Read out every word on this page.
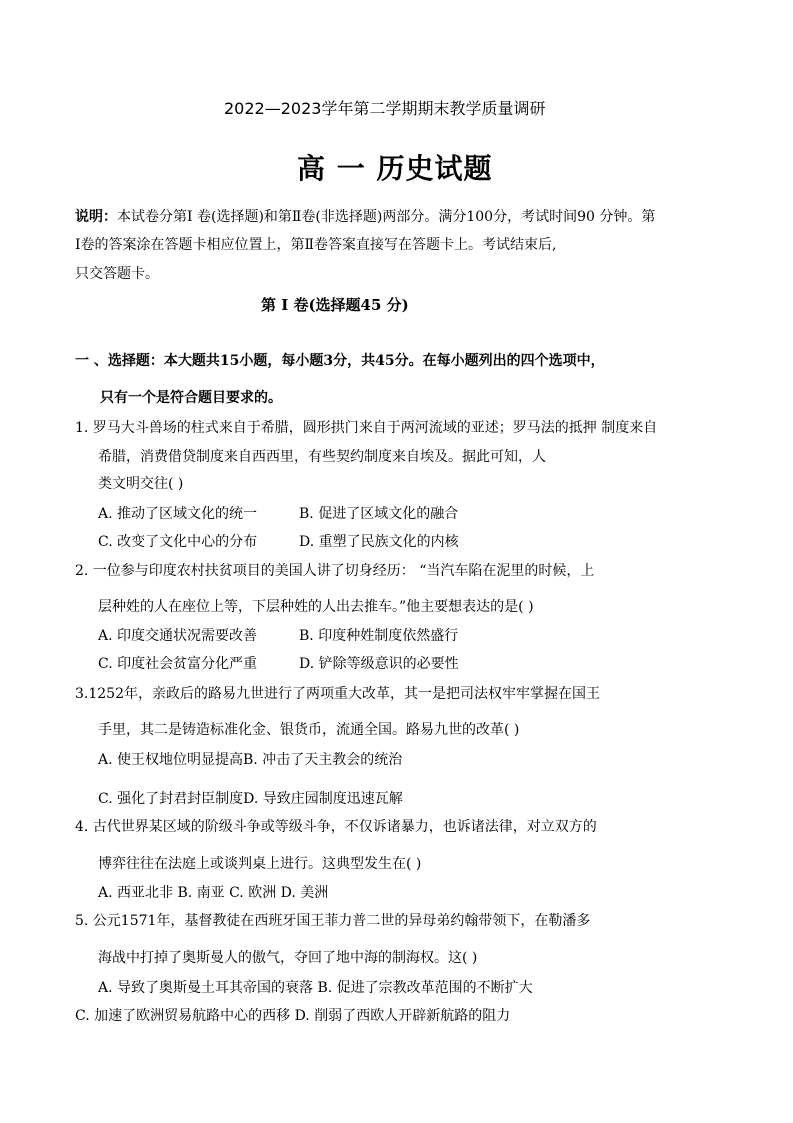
2022—2023学年第二学期期末教学质量调研
高 一 历史试题
说明：本试卷分第I 卷(选择题)和第Ⅱ卷(非选择题)两部分。满分100分，考试时间90 分钟。第
I卷的答案涂在答题卡相应位置上，第Ⅱ卷答案直接写在答题卡上。考试结束后,
只交答题卡。
第 I 卷(选择题45 分)
一 、选择题：本大题共15小题，每小题3分，共45分。在每小题列出的四个选项中，
只有一个是符合题目要求的。
1. 罗马大斗兽场的柱式来自于希腊，圆形拱门来自于两河流域的亚述；罗马法的抵押 制度来自
希腊，消费借贷制度来自西西里，有些契约制度来自埃及。据此可知，人
类文明交往( )
A. 推动了区域文化的统一	B. 促进了区域文化的融合
C. 改变了文化中心的分布	D. 重塑了民族文化的内核
2. 一位参与印度农村扶贫项目的美国人讲了切身经历： “当汽车陷在泥里的时候，上
层种姓的人在座位上等，下层种姓的人出去推车。”他主要想表达的是( )
A. 印度交通状况需要改善	B. 印度种姓制度依然盛行
C. 印度社会贫富分化严重	D. 铲除等级意识的必要性
3.1252年，亲政后的路易九世进行了两项重大改革，其一是把司法权牢牢掌握在国王
手里，其二是铸造标准化金、银货币，流通全国。路易九世的改革( )
A. 使王权地位明显提高B. 冲击了天主教会的统治
C. 强化了封君封臣制度D. 导致庄园制度迅速瓦解
4. 古代世界某区域的阶级斗争或等级斗争，不仅诉诸暴力，也诉诸法律，对立双方的
博弈往往在法庭上或谈判桌上进行。这典型发生在( )
A. 西亚北非 B. 南亚 C. 欧洲 D. 美洲
5. 公元1571年，基督教徒在西班牙国王菲力普二世的异母弟约翰带领下，在勒潘多
海战中打掉了奥斯曼人的傲气，夺回了地中海的制海权。这( )
A. 导致了奥斯曼土耳其帝国的衰落 B. 促进了宗教改革范围的不断扩大
C. 加速了欧洲贸易航路中心的西移 D. 削弱了西欧人开辟新航路的阻力
